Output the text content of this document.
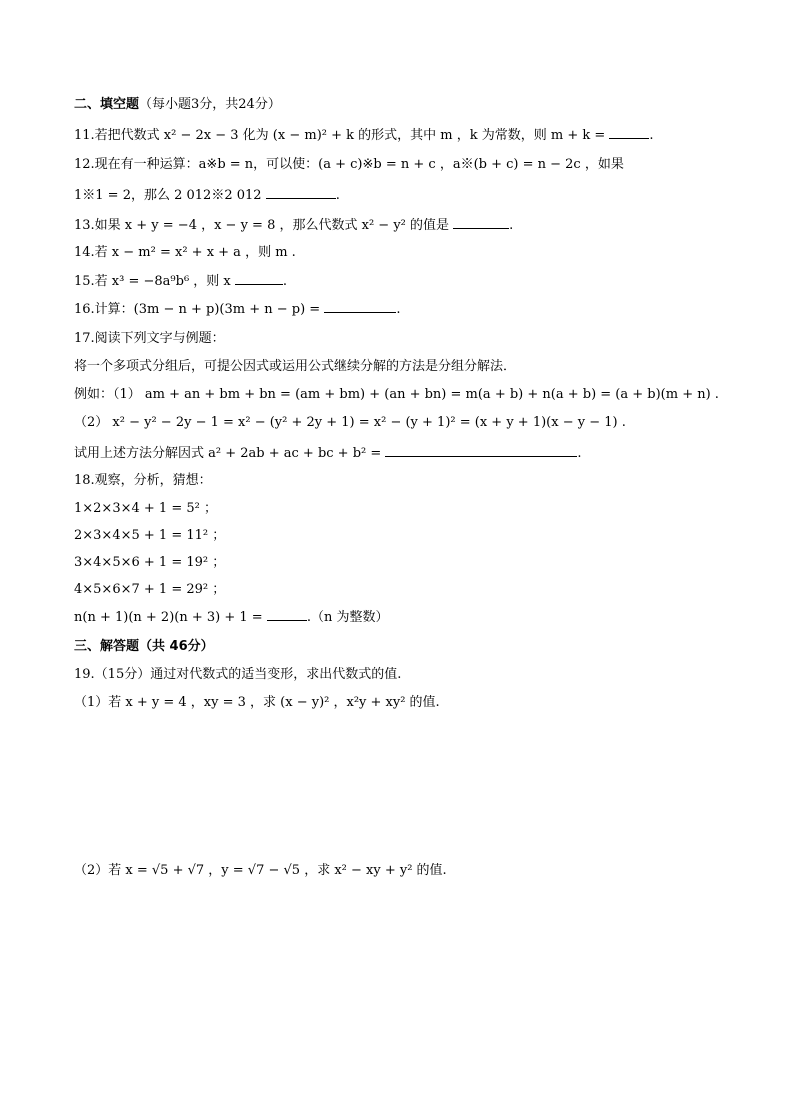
二、填空题（每小题3分，共24分）
11.若把代数式 x² − 2x − 3 化为 (x − m)² + k 的形式，其中 m ，k 为常数，则 m + k =	.
12.现在有一种运算：a※b = n，可以使：(a + c)※b = n + c ，a※(b + c) = n − 2c ，如果
1※1 = 2，那么 2 012※2 012	.
13.如果 x + y = −4 ，x − y = 8 ，那么代数式 x² − y² 的值是	.
14.若 x − m² = x² + x + a ，则 m .
15.若 x³ = −8a⁹b⁶ ，则 x	.
16.计算：(3m − n + p)(3m + n − p) =	.
17.阅读下列文字与例题：
将一个多项式分组后，可提公因式或运用公式继续分解的方法是分组分解法．
例如：（1） am + an + bm + bn = (am + bm) + (an + bn) = m(a + b) + n(a + b) = (a + b)(m + n) .
（2） x² − y² − 2y − 1 = x² − (y² + 2y + 1) = x² − (y + 1)² = (x + y + 1)(x − y − 1) .
试用上述方法分解因式 a² + 2ab + ac + bc + b² =	.
18.观察，分析，猜想：
1×2×3×4 + 1 = 5² ；
2×3×4×5 + 1 = 11² ；
3×4×5×6 + 1 = 19² ；
4×5×6×7 + 1 = 29² ；
n(n + 1)(n + 2)(n + 3) + 1 =	.（n 为整数）
三、解答题（共 46分）
19.（15分）通过对代数式的适当变形，求出代数式的值.
（1）若 x + y = 4 ，xy = 3 ，求 (x − y)² ，x²y + xy² 的值.
（2）若 x = √5 + √7 ，y = √7 − √5 ，求 x² − xy + y² 的值.
